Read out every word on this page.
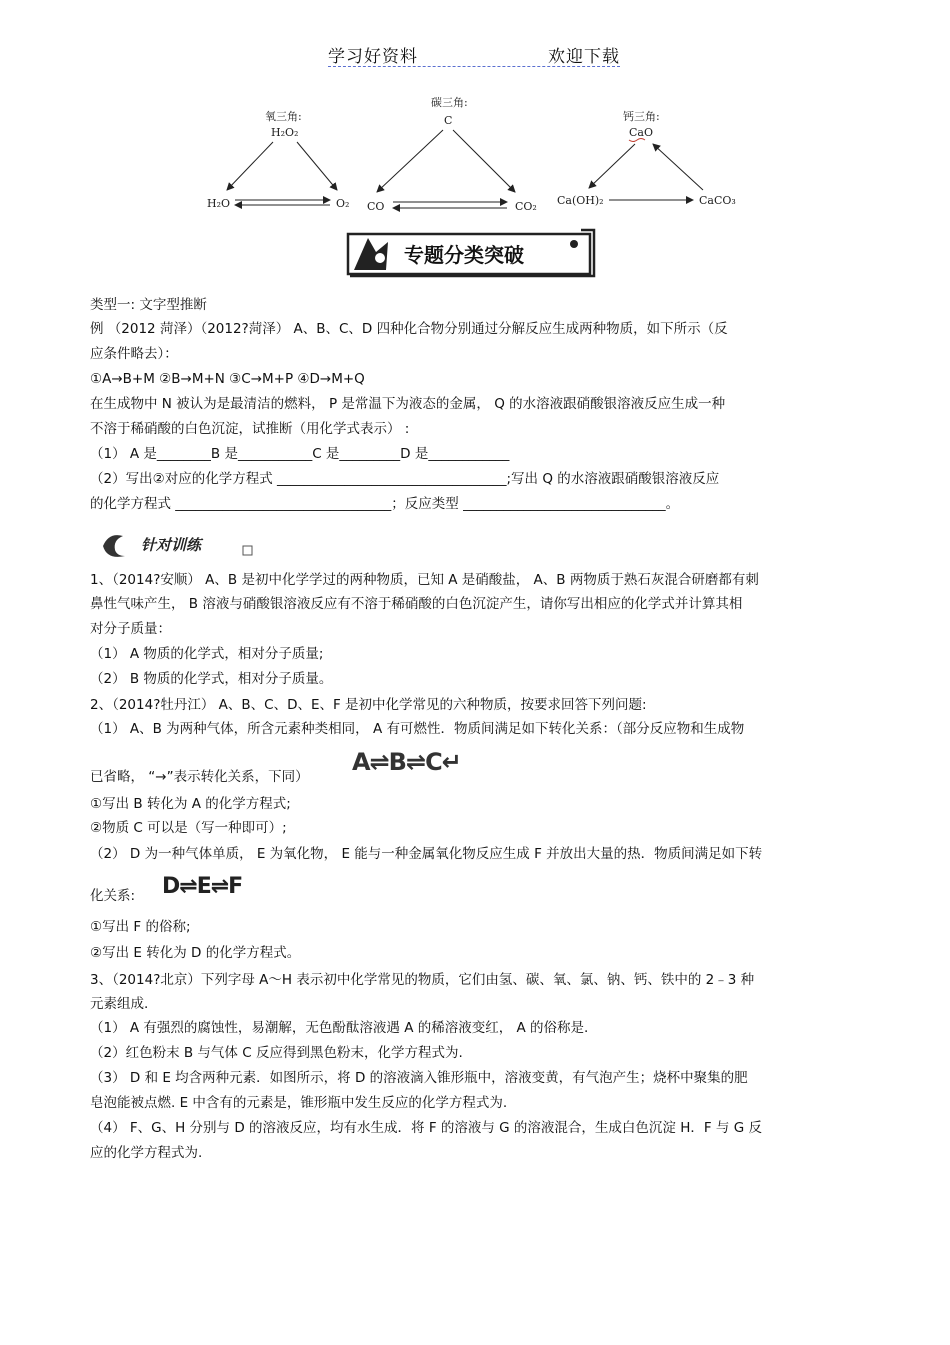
学习好资料	欢迎下载
氧三角:
H₂O₂
H₂O	O₂
碳三角:
C
CO	CO₂
钙三角:
CaO
Ca(OH)₂	CaCO₃
专题分类突破
针对训练
类型一: 文字型推断
例 （2012 菏泽）（2012?菏泽） A、B、C、D 四种化合物分别通过分解反应生成两种物质，如下所示（反
应条件略去）：
①A→B+M ②B→M+N ③C→M+P ④D→M+Q
在生成物中 N 被认为是最清洁的燃料， P 是常温下为液态的金属， Q 的水溶液跟硝酸银溶液反应生成一种
不溶于稀硝酸的白色沉淀，试推断（用化学式表示） :
（1） A 是________B 是___________C 是_________D 是____________
（2）写出②对应的化学方程式 __________________________________;写出 Q 的水溶液跟硝酸银溶液反应
的化学方程式 ________________________________；反应类型 ______________________________。
1、（2014?安顺） A、B 是初中化学学过的两种物质，已知 A 是硝酸盐， A、B 两物质于熟石灰混合研磨都有刺
鼻性气味产生， B 溶液与硝酸银溶液反应有不溶于稀硝酸的白色沉淀产生，请你写出相应的化学式并计算其相
对分子质量：
（1） A 物质的化学式，相对分子质量;
（2） B 物质的化学式，相对分子质量。
2、（2014?牡丹江） A、B、C、D、E、F 是初中化学常见的六种物质，按要求回答下列问题:
（1） A、B 为两种气体，所含元素种类相同， A 有可燃性．物质间满足如下转化关系：（部分反应物和生成物
A⇌B⇌C↵
已省略， “→”表示转化关系，下同）
①写出 B 转化为 A 的化学方程式;
②物质 C 可以是（写一种即可）;
（2） D 为一种气体单质， E 为氧化物， E 能与一种金属氧化物反应生成 F 并放出大量的热．物质间满足如下转
D⇌E⇌F
化关系:
①写出 F 的俗称;
②写出 E 转化为 D 的化学方程式。
3、（2014?北京）下列字母 A～H 表示初中化学常见的物质，它们由氢、碳、氧、氯、钠、钙、铁中的 2﹣3 种
元素组成.
（1） A 有强烈的腐蚀性，易潮解，无色酚酞溶液遇 A 的稀溶液变红， A 的俗称是.
（2）红色粉末 B 与气体 C 反应得到黑色粉末，化学方程式为.
（3） D 和 E 均含两种元素．如图所示，将 D 的溶液滴入锥形瓶中，溶液变黄，有气泡产生；烧杯中聚集的肥
皂泡能被点燃. E 中含有的元素是，锥形瓶中发生反应的化学方程式为.
（4） F、G、H 分别与 D 的溶液反应，均有水生成．将 F 的溶液与 G 的溶液混合，生成白色沉淀 H．F 与 G 反
应的化学方程式为.
